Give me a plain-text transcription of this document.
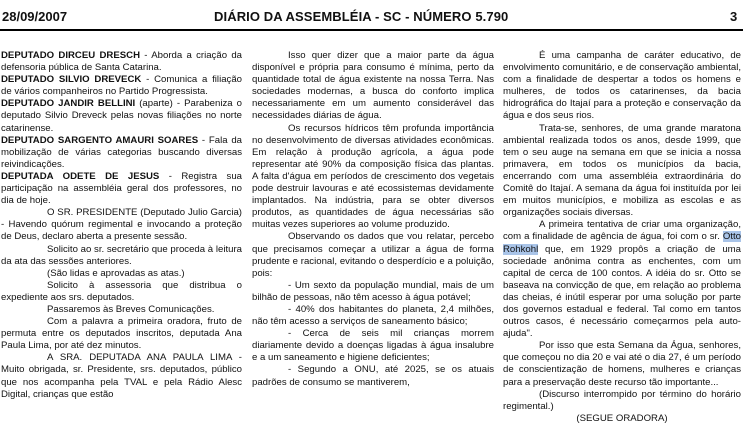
28/09/2007	DIÁRIO DA ASSEMBLÉIA - SC - NÚMERO 5.790	3

DEPUTADO DIRCEU DRESCH - Aborda a criação da defensoria pública de Santa Catarina.

DEPUTADO SILVIO DREVECK - Comunica a filiação de vários companheiros no Partido Progressista.

DEPUTADO JANDIR BELLINI (aparte) - Parabeniza o deputado Silvio Dreveck pelas novas filiações no norte catarinense.

DEPUTADO SARGENTO AMAURI SOARES - Fala da mobilização de várias categorias buscando diversas reivindicações.

DEPUTADA ODETE DE JESUS - Registra sua participação na assembléia geral dos professores, no dia de hoje.

O SR. PRESIDENTE (Deputado Julio Garcia) - Havendo quórum regimental e invocando a proteção de Deus, declaro aberta a presente sessão.

Solicito ao sr. secretário que proceda à leitura da ata das sessões anteriores.

(São lidas e aprovadas as atas.)

Solicito à assessoria que distribua o expediente aos srs. deputados.

Passaremos às Breves Comunicações.

Com a palavra a primeira oradora, fruto de permuta entre os deputados inscritos, deputada Ana Paula Lima, por até dez minutos.

A SRA. DEPUTADA ANA PAULA LIMA - Muito obrigada, sr. Presidente, srs. deputados, público que nos acompanha pela TVAL e pela Rádio Alesc Digital, crianças que estão

Isso quer dizer que a maior parte da água disponível e própria para consumo é mínima, perto da quantidade total de água existente na nossa Terra. Nas sociedades modernas, a busca do conforto implica necessariamente em um aumento considerável das necessidades diárias de água.

Os recursos hídricos têm profunda importância no desenvolvimento de diversas atividades econômicas. Em relação à produção agrícola, a água pode representar até 90% da composição física das plantas. A falta d'água em períodos de crescimento dos vegetais pode destruir lavouras e até ecossistemas devidamente implantados. Na indústria, para se obter diversos produtos, as quantidades de água necessárias são muitas vezes superiores ao volume produzido.

Observando os dados que vou relatar, percebo que precisamos começar a utilizar a água de forma prudente e racional, evitando o desperdício e a poluição, pois:

- Um sexto da população mundial, mais de um bilhão de pessoas, não têm acesso à água potável;

- 40% dos habitantes do planeta, 2,4 milhões, não têm acesso a serviços de saneamento básico;

- Cerca de seis mil crianças morrem diariamente devido a doenças ligadas à água insalubre e a um saneamento e higiene deficientes;

- Segundo a ONU, até 2025, se os atuais padrões de consumo se mantiverem,

É uma campanha de caráter educativo, de envolvimento comunitário, e de conservação ambiental, com a finalidade de despertar a todos os homens e mulheres, de todos os catarinenses, da bacia hidrográfica do Itajaí para a proteção e conservação da água e dos seus rios.

Trata-se, senhores, de uma grande maratona ambiental realizada todos os anos, desde 1999, que tem o seu auge na semana em que se inicia a nossa primavera, em todos os municípios da bacia, encerrando com uma assembléia extraordinária do Comitê do Itajaí. A semana da água foi instituída por lei em muitos municípios, e mobiliza as escolas e as organizações sociais diversas.

A primeira tentativa de criar uma organização, com a finalidade de agência de água, foi com o sr. Otto Rohkohl que, em 1929 propôs a criação de uma sociedade anônima contra as enchentes, com um capital de cerca de 100 contos. A idéia do sr. Otto se baseava na convicção de que, em relação ao problema das cheias, é inútil esperar por uma solução por parte dos governos estadual e federal. Tal como em tantos outros casos, é necessário começarmos pela auto-ajuda".

Por isso que esta Semana da Água, senhores, que começou no dia 20 e vai até o dia 27, é um período de conscientização de homens, mulheres e crianças para a preservação deste recurso tão importante...

(Discurso interrompido por término do horário regimental.)

(SEGUE ORADORA)
